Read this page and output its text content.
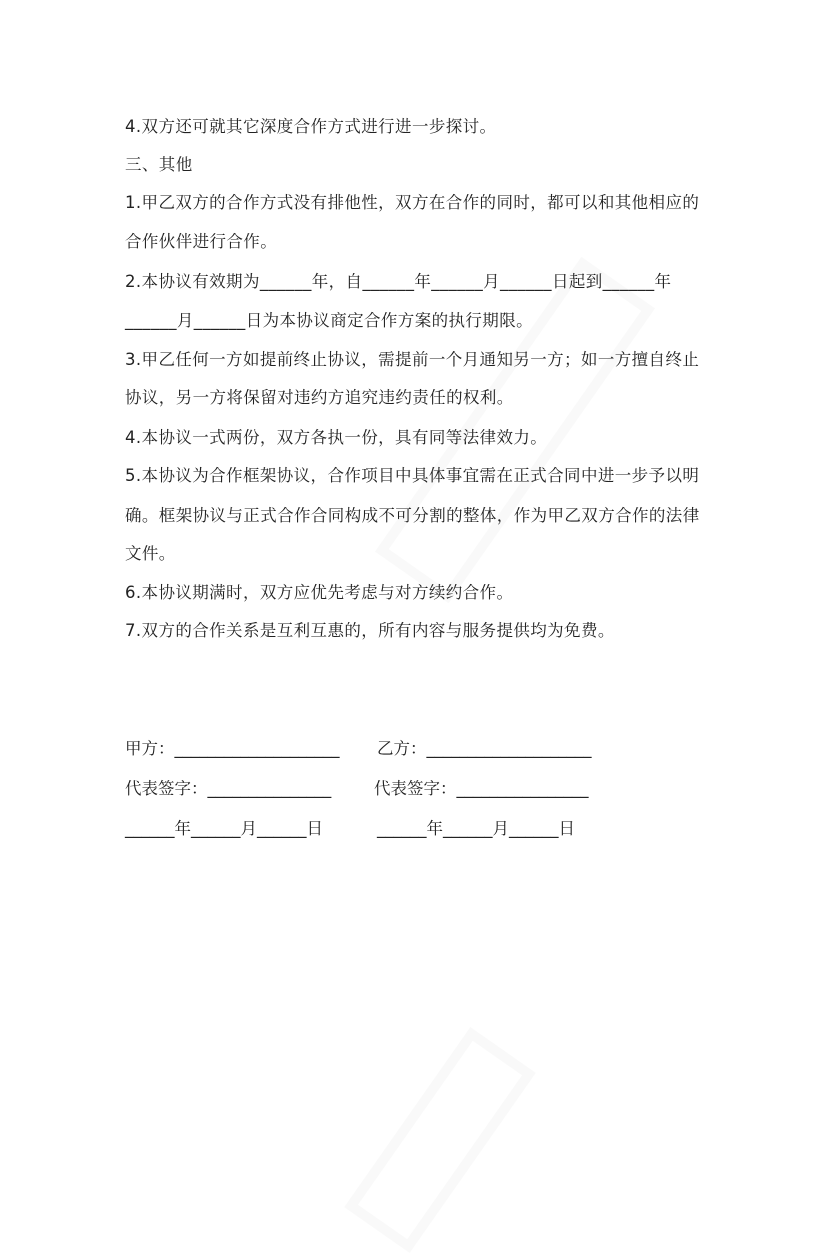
4.双方还可就其它深度合作方式进行进一步探讨。
三、其他
1.甲乙双方的合作方式没有排他性，双方在合作的同时，都可以和其他相应的
合作伙伴进行合作。
2.本协议有效期为______年，自______年______月______日起到______年
______月______日为本协议商定合作方案的执行期限。
3.甲乙任何一方如提前终止协议，需提前一个月通知另一方；如一方擅自终止
协议，另一方将保留对违约方追究违约责任的权利。
4.本协议一式两份，双方各执一份，具有同等法律效力。
5.本协议为合作框架协议，合作项目中具体事宜需在正式合同中进一步予以明
确。框架协议与正式合作合同构成不可分割的整体，作为甲乙双方合作的法律
文件。
6.本协议期满时，双方应优先考虑与对方续约合作。
7.双方的合作关系是互利互惠的，所有内容与服务提供均为免费。
甲方：____________________ 乙方：____________________
代表签字：_______________	代表签字：________________
______年______月______日	______年______月______日
